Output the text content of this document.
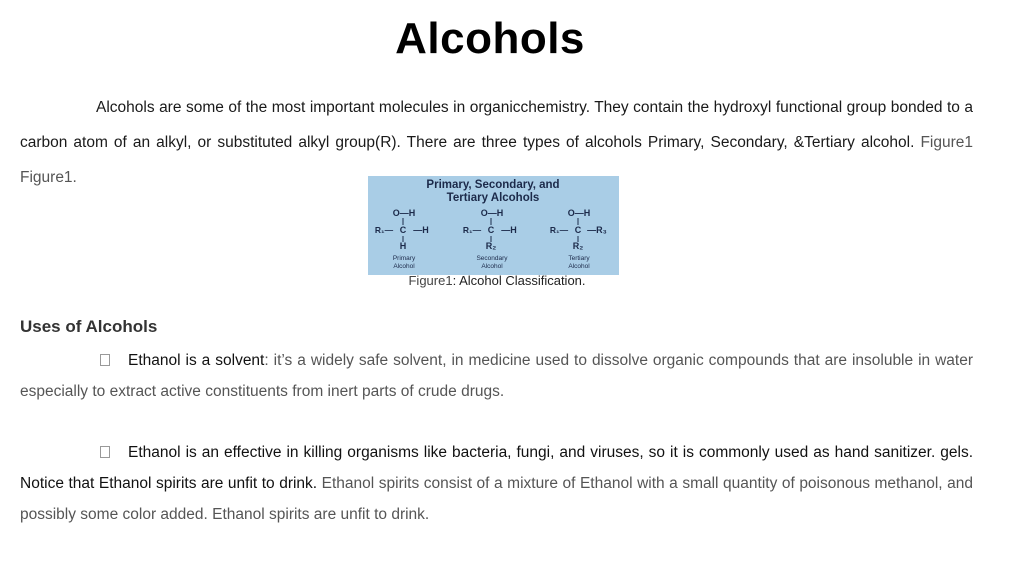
Alcohols
Alcohols are some of the most important molecules in organicchemistry. They contain the hydroxyl functional group bonded to a carbon atom of an alkyl, or substituted alkyl group(R). There are three types of alcohols Primary, Secondary, &Tertiary alcohol. Figure1 Figure1.	Primary, Secondary, and
Tertiary Alcohols
O—H
R₁— C —H
H
Primary
Alcohol
O—H
R₁— C —H
R₂
Secondary
Alcohol
O—H
R₁— C —R₃
R₂
Tertiary
Alcohol
Figure1: Alcohol Classification.
Uses of Alcohols
Ethanol is a solvent: it’s a widely safe solvent, in medicine used to dissolve organic compounds that are insoluble in water especially to extract active constituents from inert parts of crude drugs.
Ethanol is an effective in killing organisms like bacteria, fungi, and viruses, so it is commonly used as hand sanitizer. gels. Notice that Ethanol spirits are unfit to drink. Ethanol spirits consist of a mixture of Ethanol with a small quantity of poisonous methanol, and possibly some color added. Ethanol spirits are unfit to drink.
